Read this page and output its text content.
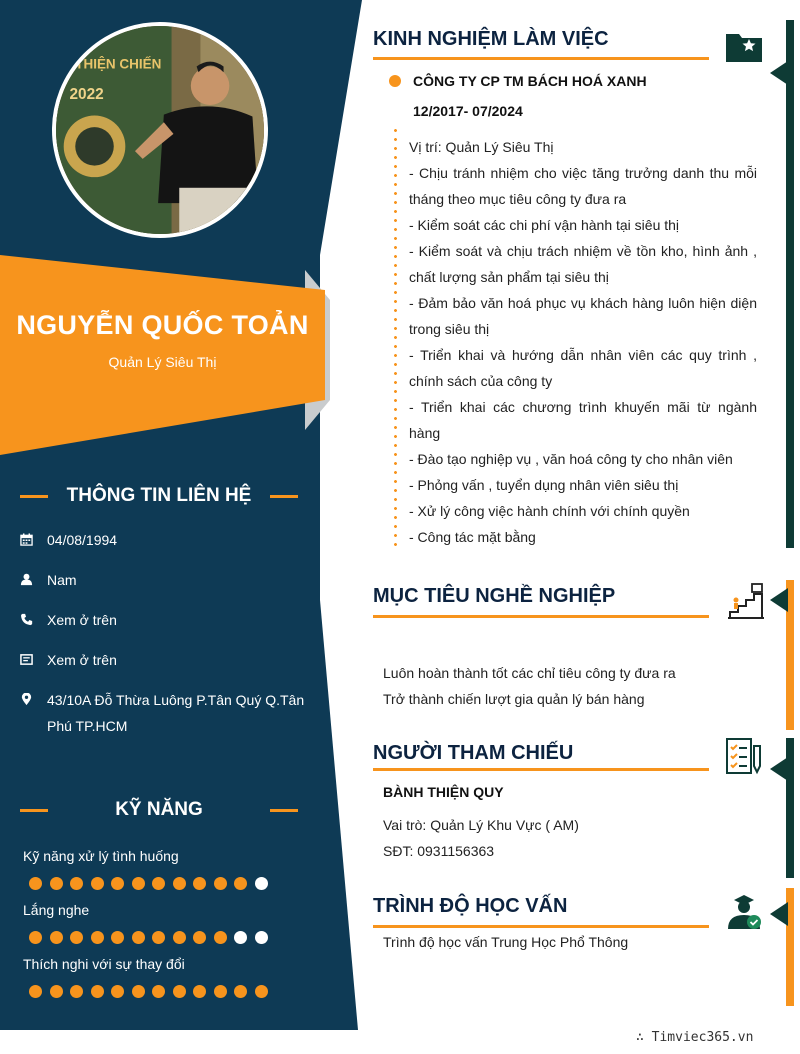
THIỆN CHIẾN
2022
NGUYỄN QUỐC TOẢN
Quản Lý Siêu Thị
THÔNG TIN LIÊN HỆ
04/08/1994
Nam
Xem ở trên
Xem ở trên
43/10A Đỗ Thừa Luông P.Tân Quý Q.Tân Phú TP.HCM
KỸ NĂNG
Kỹ năng xử lý tình huống
Lắng nghe
Thích nghi với sự thay đổi
KINH NGHIỆM LÀM VIỆC
CÔNG TY CP TM BÁCH HOÁ XANH
12/2017- 07/2024
Vị trí: Quản Lý Siêu Thị
- Chịu tránh nhiệm cho việc tăng trưởng danh thu mỗi tháng theo mục tiêu công ty đưa ra
- Kiểm soát các chi phí vận hành tại siêu thị
- Kiểm soát và chịu trách nhiệm về tồn kho, hình ảnh , chất lượng sản phẩm tại siêu thị
- Đảm bảo văn hoá phục vụ khách hàng luôn hiện diện trong siêu thị
- Triển khai và hướng dẫn nhân viên các quy trình , chính sách của công ty
- Triển khai các chương trình khuyến mãi từ ngành hàng
- Đào tạo nghiệp vụ , văn hoá công ty cho nhân viên
- Phỏng vấn , tuyển dụng nhân viên siêu thị
- Xử lý công việc hành chính với chính quyền
- Công tác mặt bằng
MỤC TIÊU NGHỀ NGHIỆP
Luôn hoàn thành tốt các chỉ tiêu công ty đưa ra
Trở thành chiến lượt gia quản lý bán hàng
NGƯỜI THAM CHIẾU
BÀNH THIỆN QUY
Vai trò: Quản Lý Khu Vực ( AM)
SĐT: 0931156363
TRÌNH ĐỘ HỌC VẤN
Trình độ học vấn Trung Học Phổ Thông
∴ Timviec365.vn
